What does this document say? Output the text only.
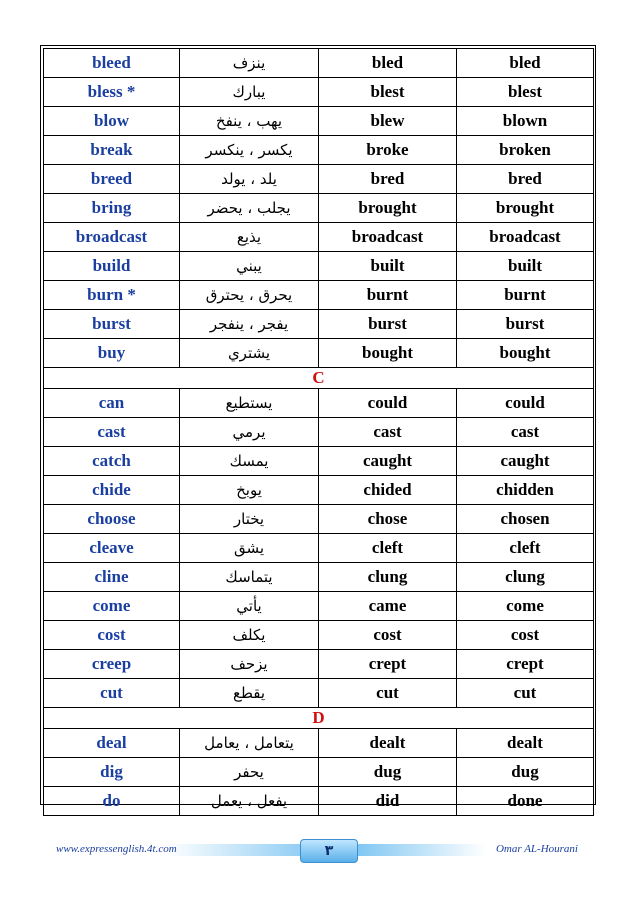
bleed	ينزف	bled	bled
bless *	يبارك	blest	blest
blow	يهب ، ينفخ	blew	blown
break	يكسر ، ينكسر	broke	broken
breed	يلد ، يولد	bred	bred
bring	يجلب ، يحضر	brought	brought
broadcast	يذيع	broadcast	broadcast
build	يبني	built	built
burn *	يحرق ، يحترق	burnt	burnt
burst	يفجر ، ينفجر	burst	burst
buy	يشتري	bought	bought
C			
can	يستطيع	could	could
cast	يرمي	cast	cast
catch	يمسك	caught	caught
chide	يوبخ	chided	chidden
choose	يختار	chose	chosen
cleave	يشق	cleft	cleft
cline	يتماسك	clung	clung
come	يأتي	came	come
cost	يكلف	cost	cost
creep	يزحف	crept	crept
cut	يقطع	cut	cut
D			
deal	يتعامل ، يعامل	dealt	dealt
dig	يحفر	dug	dug
do	يفعل ، يعمل	did	done
www.expressenglish.4t.com	٣	Omar AL-Hourani
